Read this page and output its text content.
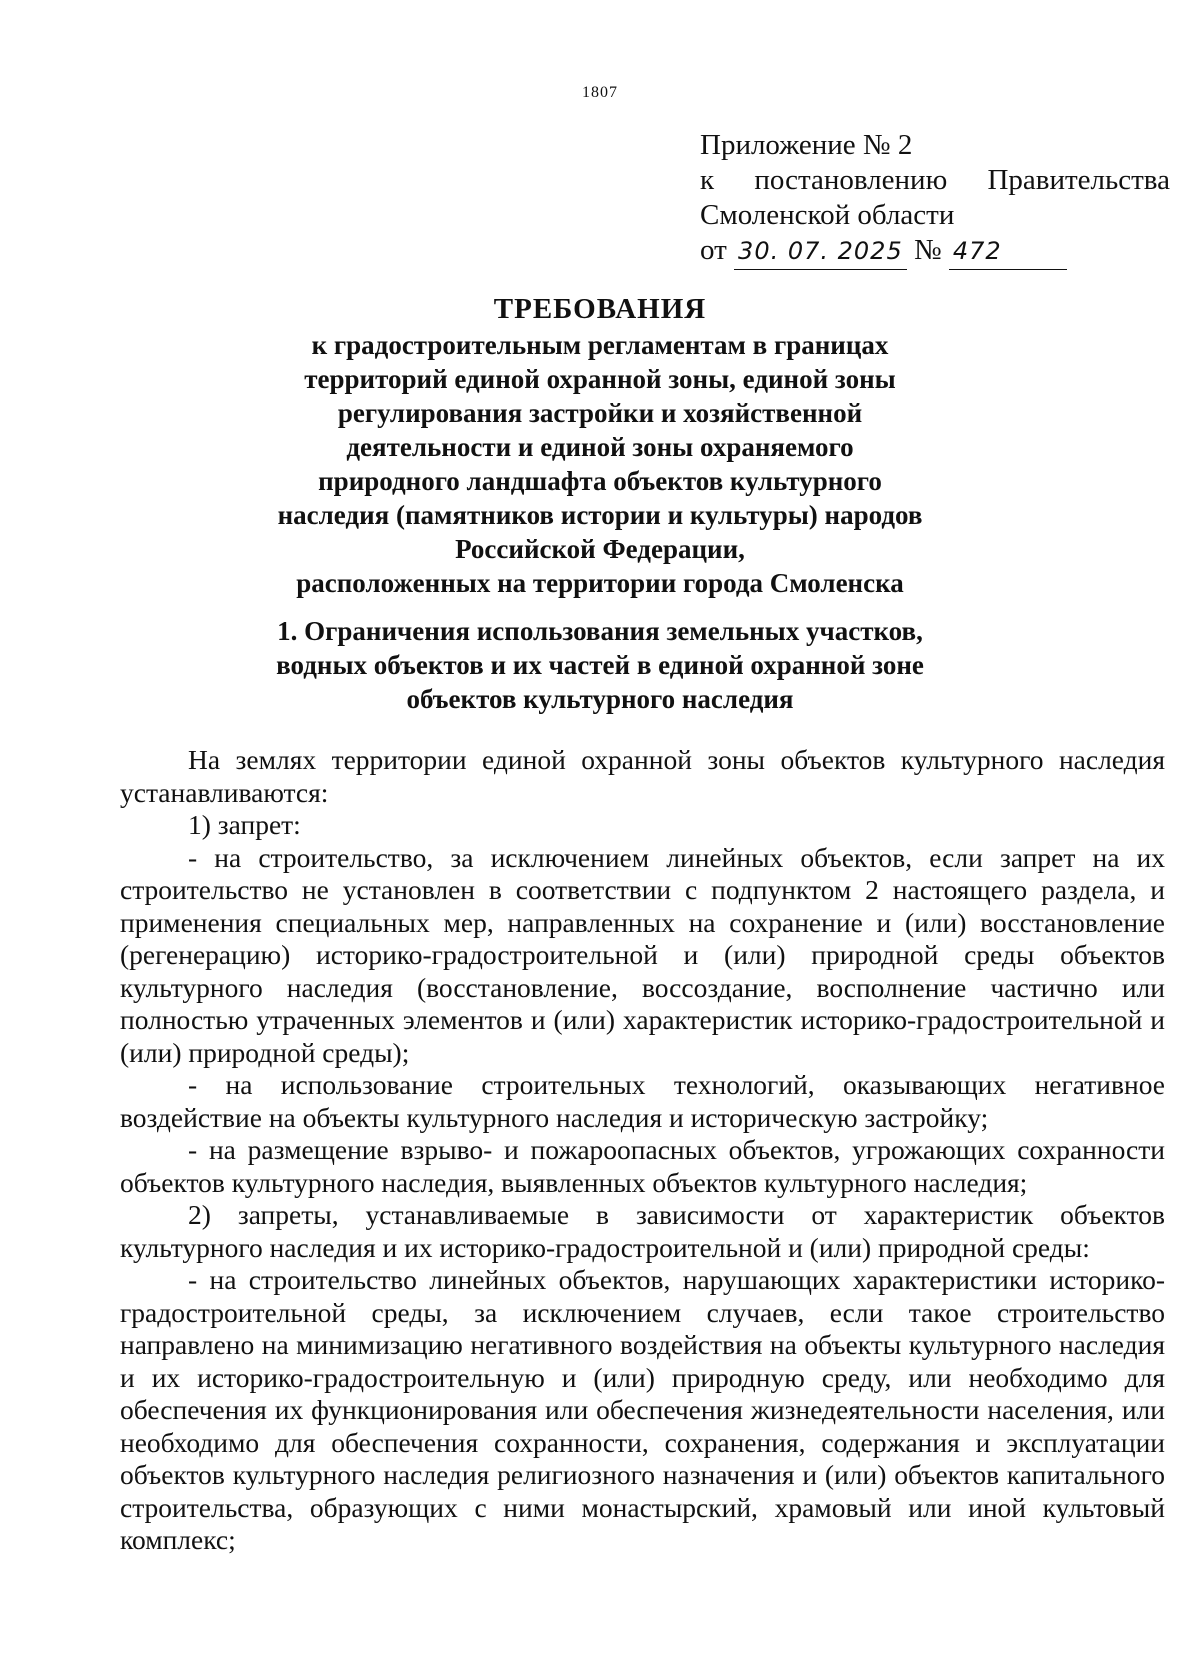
1807
Приложение № 2
к постановлению Правительства
Смоленской области
от 30. 07. 2025 № 472
ТРЕБОВАНИЯ
к градостроительным регламентам в границах
территорий единой охранной зоны, единой зоны
регулирования застройки и хозяйственной
деятельности и единой зоны охраняемого
природного ландшафта объектов культурного
наследия (памятников истории и культуры) народов
Российской Федерации,
расположенных на территории города Смоленска
1. Ограничения использования земельных участков,
водных объектов и их частей в единой охранной зоне
объектов культурного наследия

На землях территории единой охранной зоны объектов культурного наследия устанавливаются:

1) запрет:

- на строительство, за исключением линейных объектов, если запрет на их строительство не установлен в соответствии с подпунктом 2 настоящего раздела, и применения специальных мер, направленных на сохранение и (или) восстановление (регенерацию) историко-градостроительной и (или) природной среды объектов культурного наследия (восстановление, воссоздание, восполнение частично или полностью утраченных элементов и (или) характеристик историко-градостроительной и (или) природной среды);

- на использование строительных технологий, оказывающих негативное воздействие на объекты культурного наследия и историческую застройку;

- на размещение взрыво- и пожароопасных объектов, угрожающих сохранности объектов культурного наследия, выявленных объектов культурного наследия;

2) запреты, устанавливаемые в зависимости от характеристик объектов культурного наследия и их историко-градостроительной и (или) природной среды:

- на строительство линейных объектов, нарушающих характеристики историко-градостроительной среды, за исключением случаев, если такое строительство направлено на минимизацию негативного воздействия на объекты культурного наследия и их историко-градостроительную и (или) природную среду, или необходимо для обеспечения их функционирования или обеспечения жизнедеятельности населения, или необходимо для обеспечения сохранности, сохранения, содержания и эксплуатации объектов культурного наследия религиозного назначения и (или) объектов капитального строительства, образующих с ними монастырский, храмовый или иной культовый комплекс;
